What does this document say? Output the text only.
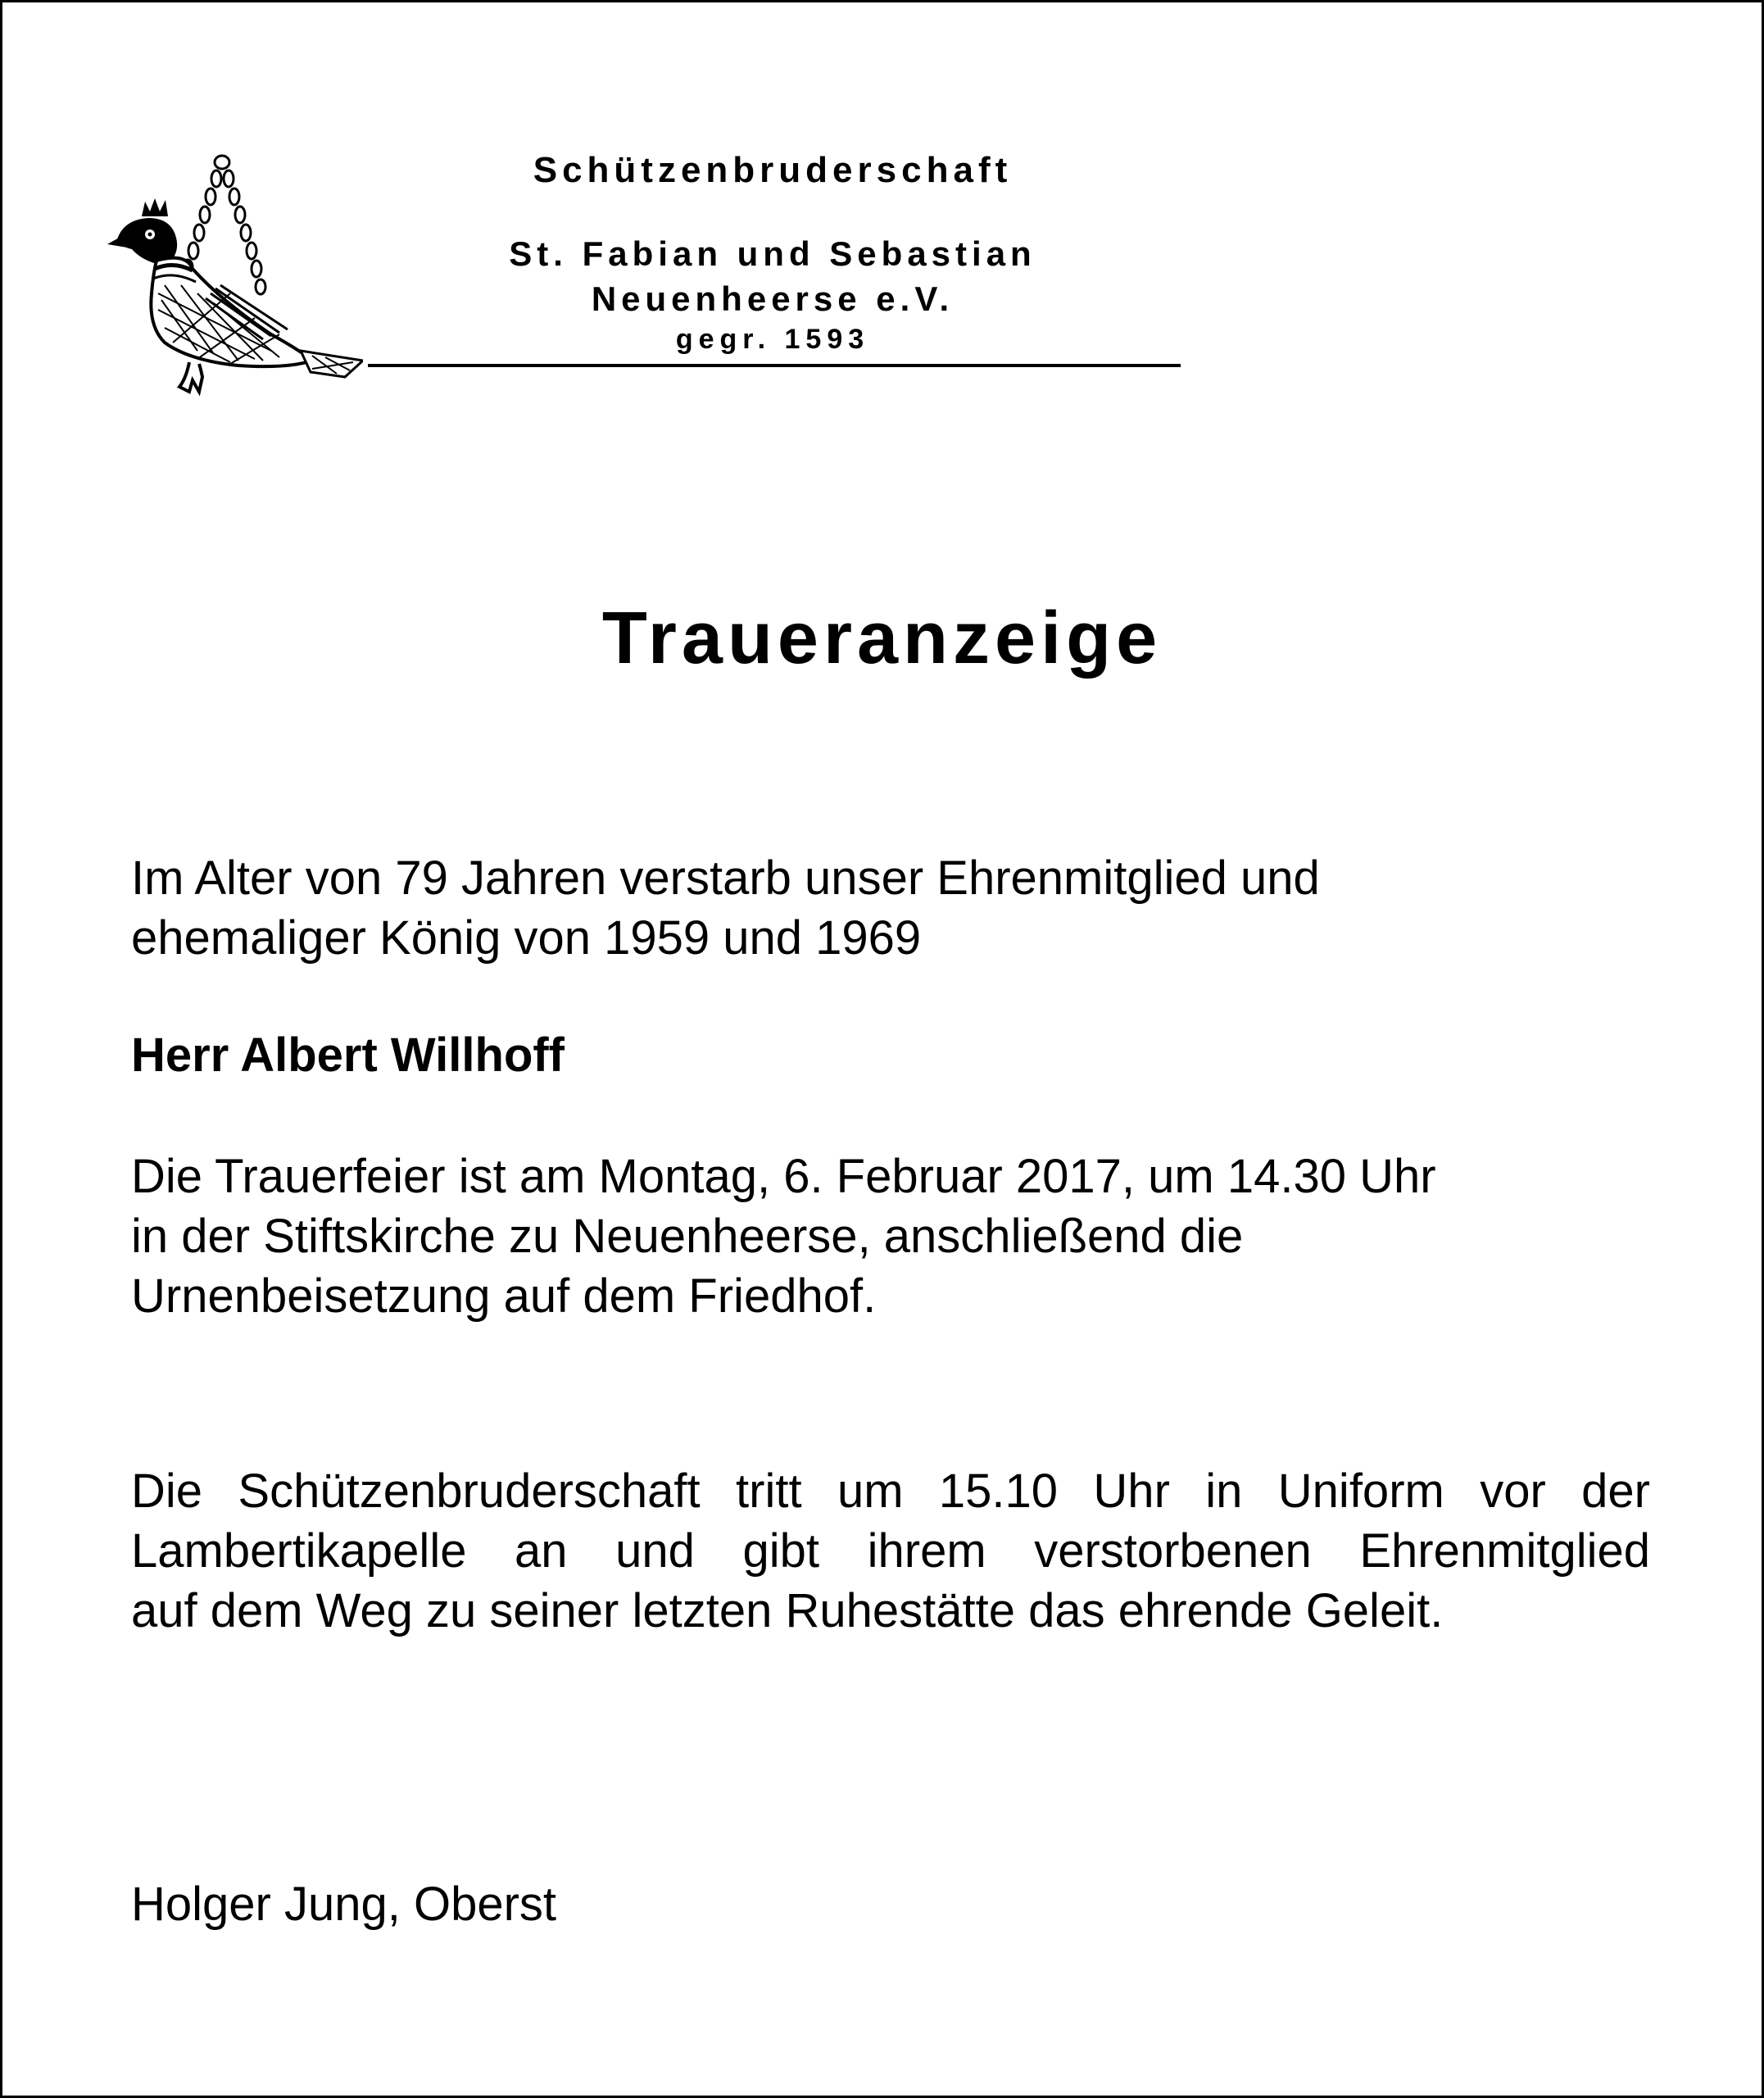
Schützenbruderschaft
St. Fabian und Sebastian
Neuenheerse e.V.
gegr. 1593
Traueranzeige
Im Alter von 79 Jahren verstarb unser Ehrenmitglied und
ehemaliger König von 1959 und 1969
Herr Albert Willhoff
Die Trauerfeier ist am Montag, 6. Februar 2017, um 14.30 Uhr
in der Stiftskirche zu Neuenheerse, anschließend die
Urnenbeisetzung auf dem Friedhof.
Die Schützenbruderschaft tritt um 15.10 Uhr in Uniform vor der
Lambertikapelle an und gibt ihrem verstorbenen Ehrenmitglied
auf dem Weg zu seiner letzten Ruhestätte das ehrende Geleit.
Holger Jung, Oberst
